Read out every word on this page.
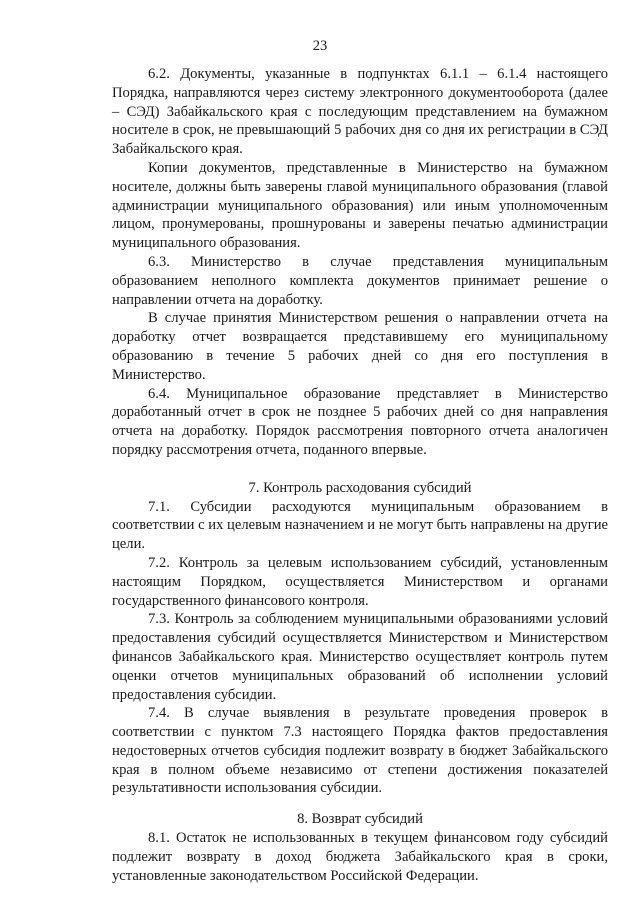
23

6.2. Документы, указанные в подпунктах 6.1.1 – 6.1.4 настоящего Порядка, направляются через систему электронного документооборота (далее – СЭД) Забайкальского края с последующим представлением на бумажном носителе в срок, не превышающий 5 рабочих дня со дня их регистрации в СЭД Забайкальского края.

Копии документов, представленные в Министерство на бумажном носителе, должны быть заверены главой муниципального образования (главой администрации муниципального образования) или иным уполномоченным лицом, пронумерованы, прошнурованы и заверены печатью администрации муниципального образования.

6.3. Министерство в случае представления муниципальным образованием неполного комплекта документов принимает решение о направлении отчета на доработку.

В случае принятия Министерством решения о направлении отчета на доработку отчет возвращается представившему его муниципальному образованию в течение 5 рабочих дней со дня его поступления в Министерство.

6.4. Муниципальное образование представляет в Министерство доработанный отчет в срок не позднее 5 рабочих дней со дня направления отчета на доработку. Порядок рассмотрения повторного отчета аналогичен порядку рассмотрения отчета, поданного впервые.

7. Контроль расходования субсидий

7.1. Субсидии расходуются муниципальным образованием в соответствии с их целевым назначением и не могут быть направлены на другие цели.

7.2. Контроль за целевым использованием субсидий, установленным настоящим Порядком, осуществляется Министерством и органами государственного финансового контроля.

7.3. Контроль за соблюдением муниципальными образованиями условий предоставления субсидий осуществляется Министерством и Министерством финансов Забайкальского края. Министерство осуществляет контроль путем оценки отчетов муниципальных образований об исполнении условий предоставления субсидии.

7.4. В случае выявления в результате проведения проверок в соответствии с пунктом 7.3 настоящего Порядка фактов предоставления недостоверных отчетов субсидия подлежит возврату в бюджет Забайкальского края в полном объеме независимо от степени достижения показателей результативности использования субсидии.

8. Возврат субсидий

8.1. Остаток не использованных в текущем финансовом году субсидий подлежит возврату в доход бюджета Забайкальского края в сроки, установленные законодательством Российской Федерации.
